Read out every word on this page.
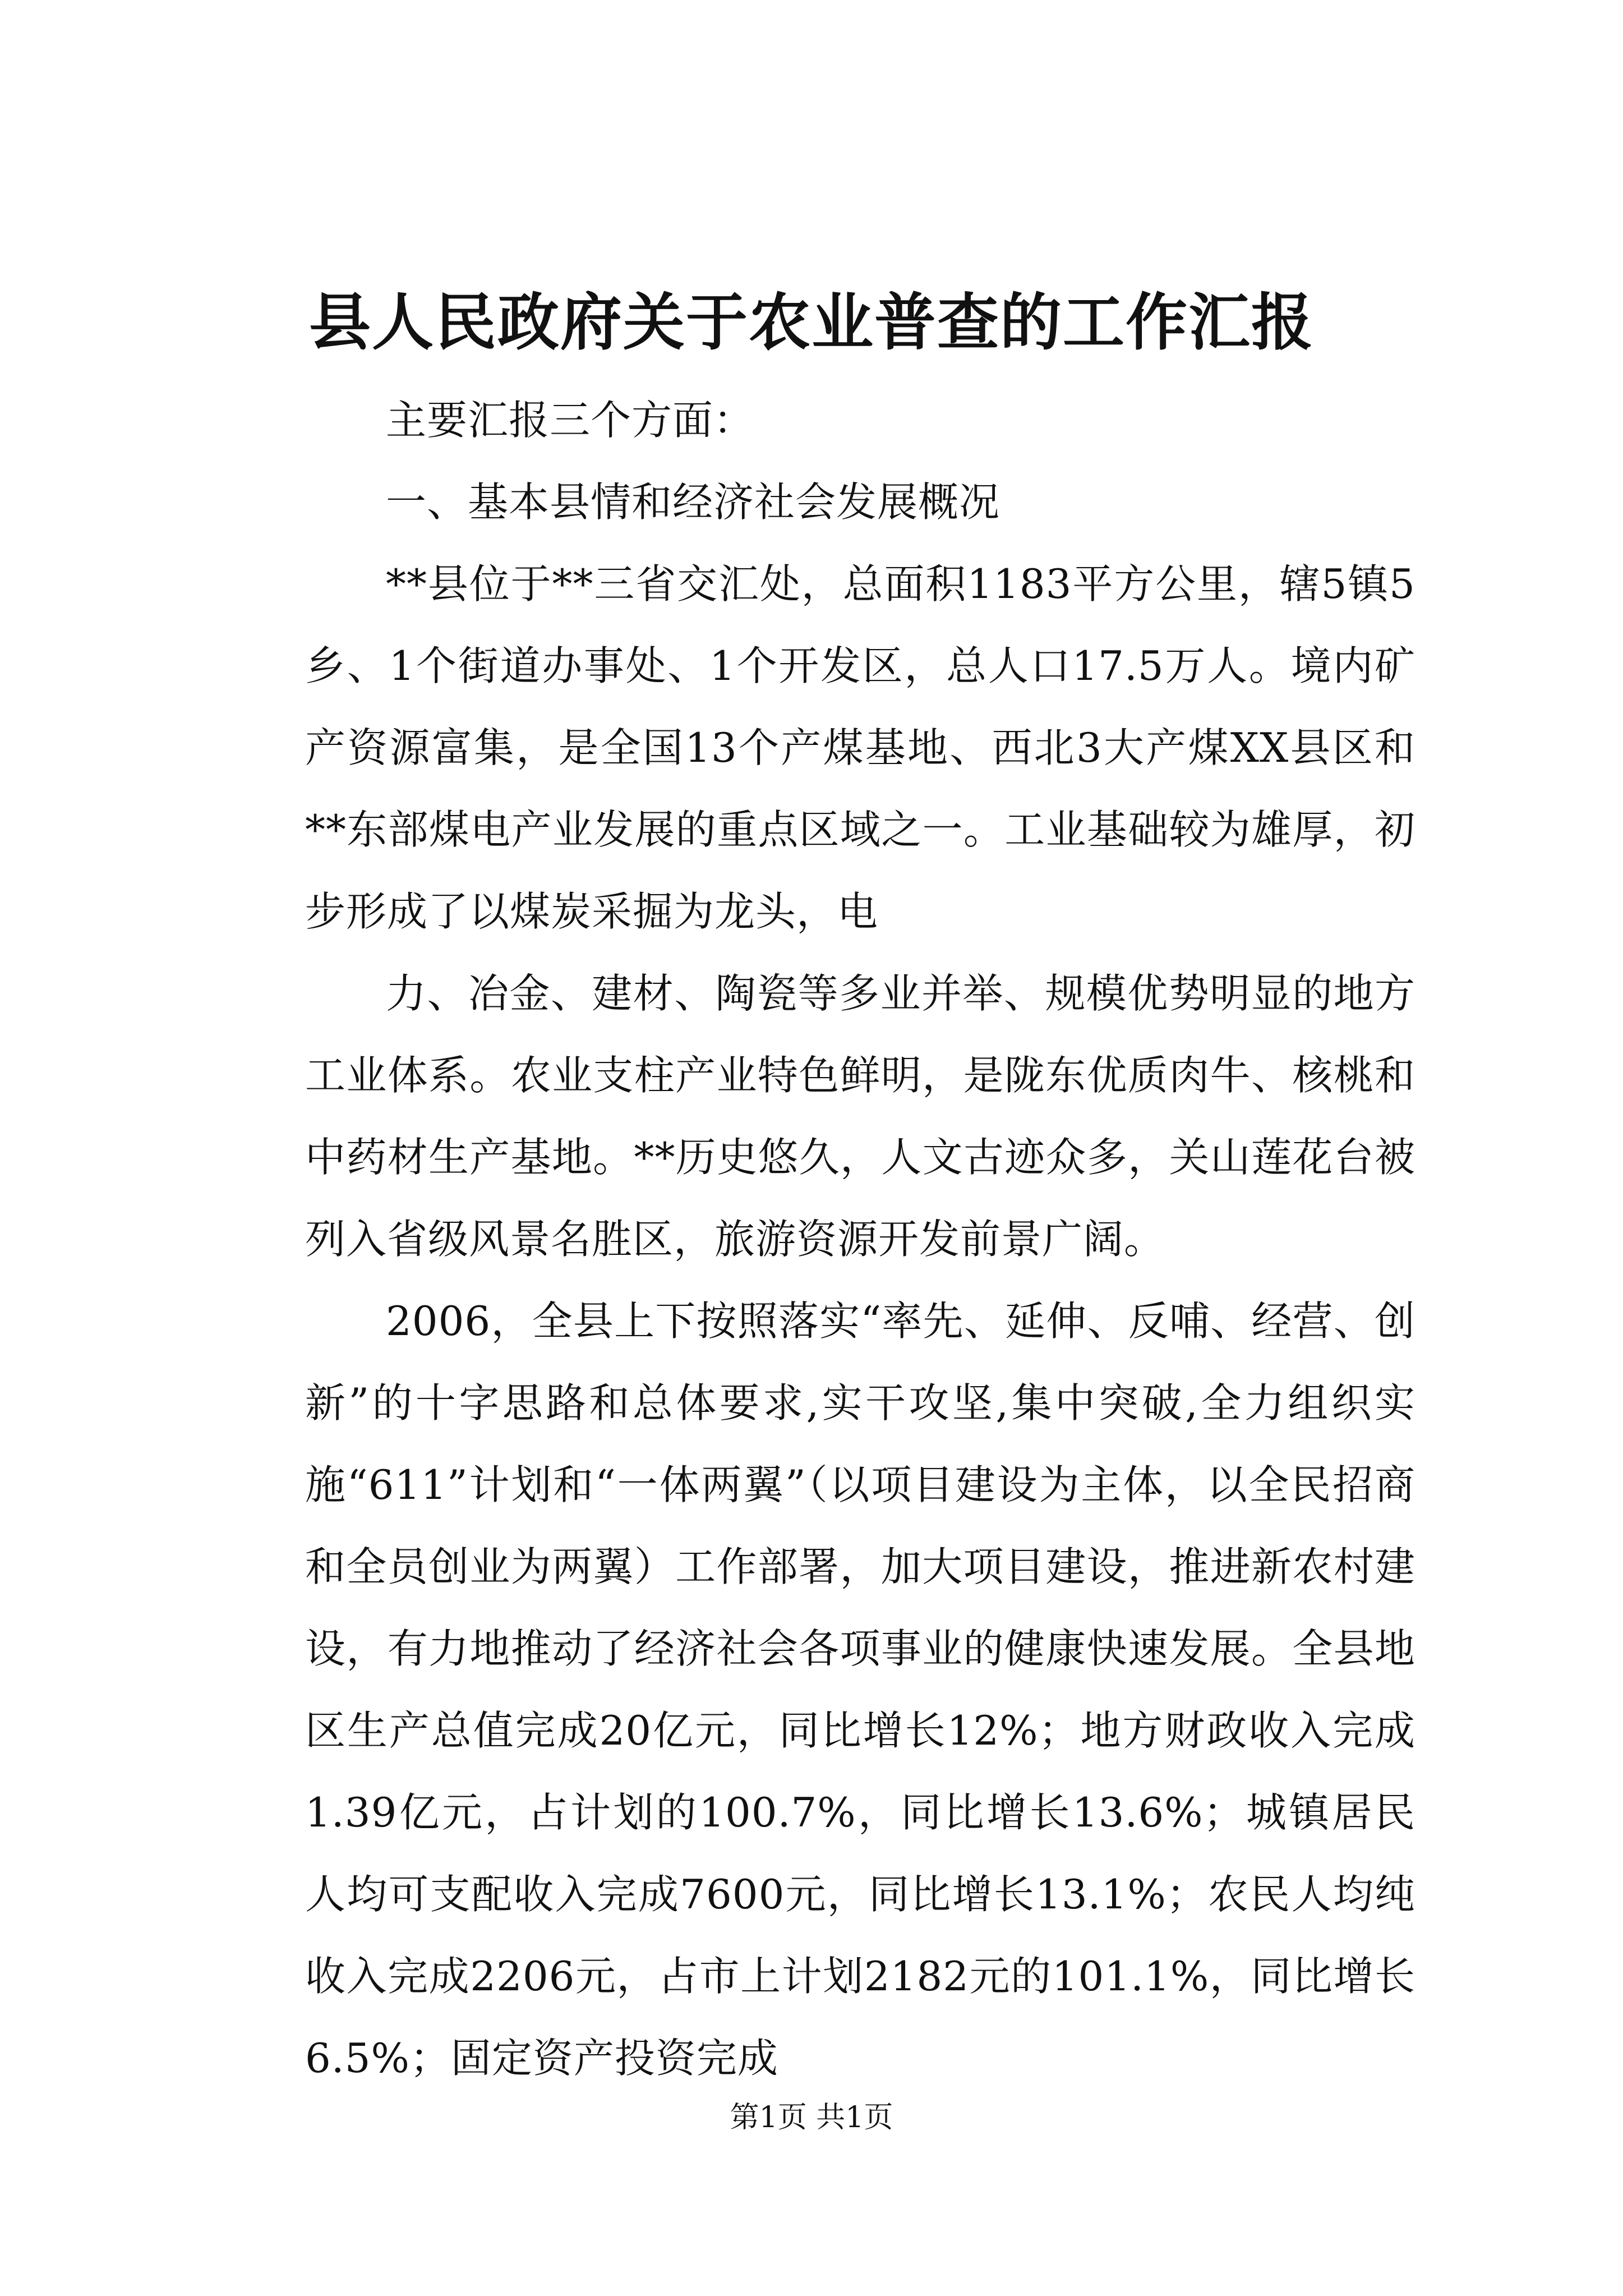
县人民政府关于农业普查的工作汇报

主要汇报三个方面：

一、基本县情和经济社会发展概况

**县位于**三省交汇处，总面积1183平方公里，辖5镇5乡、1个街道办事处、1个开发区，总人口17.5万人。境内矿产资源富集，是全国13个产煤基地、西北3大产煤XX县区和**东部煤电产业发展的重点区域之一。工业基础较为雄厚，初步形成了以煤炭采掘为龙头，电

力、冶金、建材、陶瓷等多业并举、规模优势明显的地方工业体系。农业支柱产业特色鲜明，是陇东优质肉牛、核桃和中药材生产基地。**历史悠久，人文古迹众多，关山莲花台被列入省级风景名胜区，旅游资源开发前景广阔。

2006，全县上下按照落实“率先、延伸、反哺、经营、创新”的十字思路和总体要求,实干攻坚,集中突破,全力组织实施“611”计划和“一体两翼”（以项目建设为主体，以全民招商和全员创业为两翼）工作部署，加大项目建设，推进新农村建设，有力地推动了经济社会各项事业的健康快速发展。全县地区生产总值完成20亿元，同比增长12%；地方财政收入完成1.39亿元，占计划的100.7%，同比增长13.6%；城镇居民人均可支配收入完成7600元，同比增长13.1%；农民人均纯收入完成2206元，占市上计划2182元的101.1%，同比增长6.5%；固定资产投资完成

第1页 共1页
